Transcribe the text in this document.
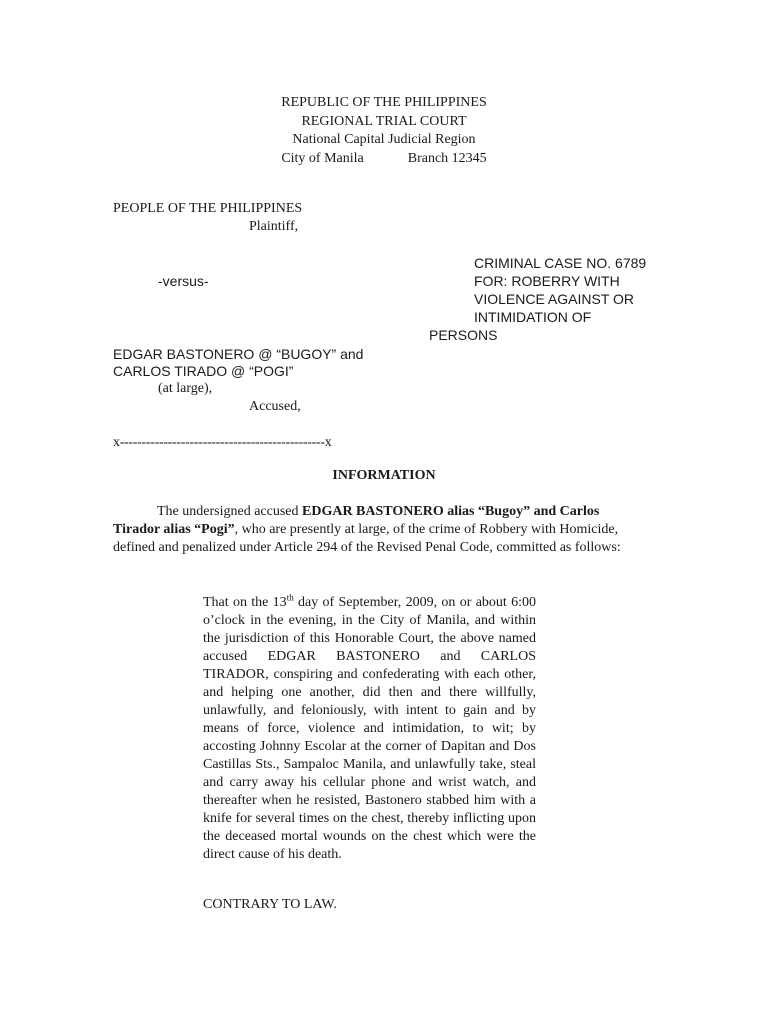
REPUBLIC OF THE PHILIPPINES
REGIONAL TRIAL COURT
National Capital Judicial Region
City of Manila	Branch 12345
PEOPLE OF THE PHILIPPINES
Plaintiff,
CRIMINAL CASE NO. 6789
-versus-	FOR: ROBERRY WITH
VIOLENCE AGAINST OR
INTIMIDATION OF
PERSONS
EDGAR BASTONERO @ “BUGOY” and
CARLOS TIRADO @ “POGI”
(at large),
Accused,
x-----------------------------------------------x
INFORMATION
The undersigned accused EDGAR BASTONERO alias “Bugoy” and Carlos Tirador alias “Pogi”, who are presently at large, of the crime of Robbery with Homicide, defined and penalized under Article 294 of the Revised Penal Code, committed as follows:
That on the 13th day of September, 2009, on or about 6:00 o’clock in the evening, in the City of Manila, and within the jurisdiction of this Honorable Court, the above named accused EDGAR BASTONERO and CARLOS TIRADOR, conspiring and confederating with each other, and helping one another, did then and there willfully, unlawfully, and feloniously, with intent to gain and by means of force, violence and intimidation, to wit; by accosting Johnny Escolar at the corner of Dapitan and Dos Castillas Sts., Sampaloc Manila, and unlawfully take, steal and carry away his cellular phone and wrist watch, and thereafter when he resisted, Bastonero stabbed him with a knife for several times on the chest, thereby inflicting upon the deceased mortal wounds on the chest which were the direct cause of his death.
CONTRARY TO LAW.
